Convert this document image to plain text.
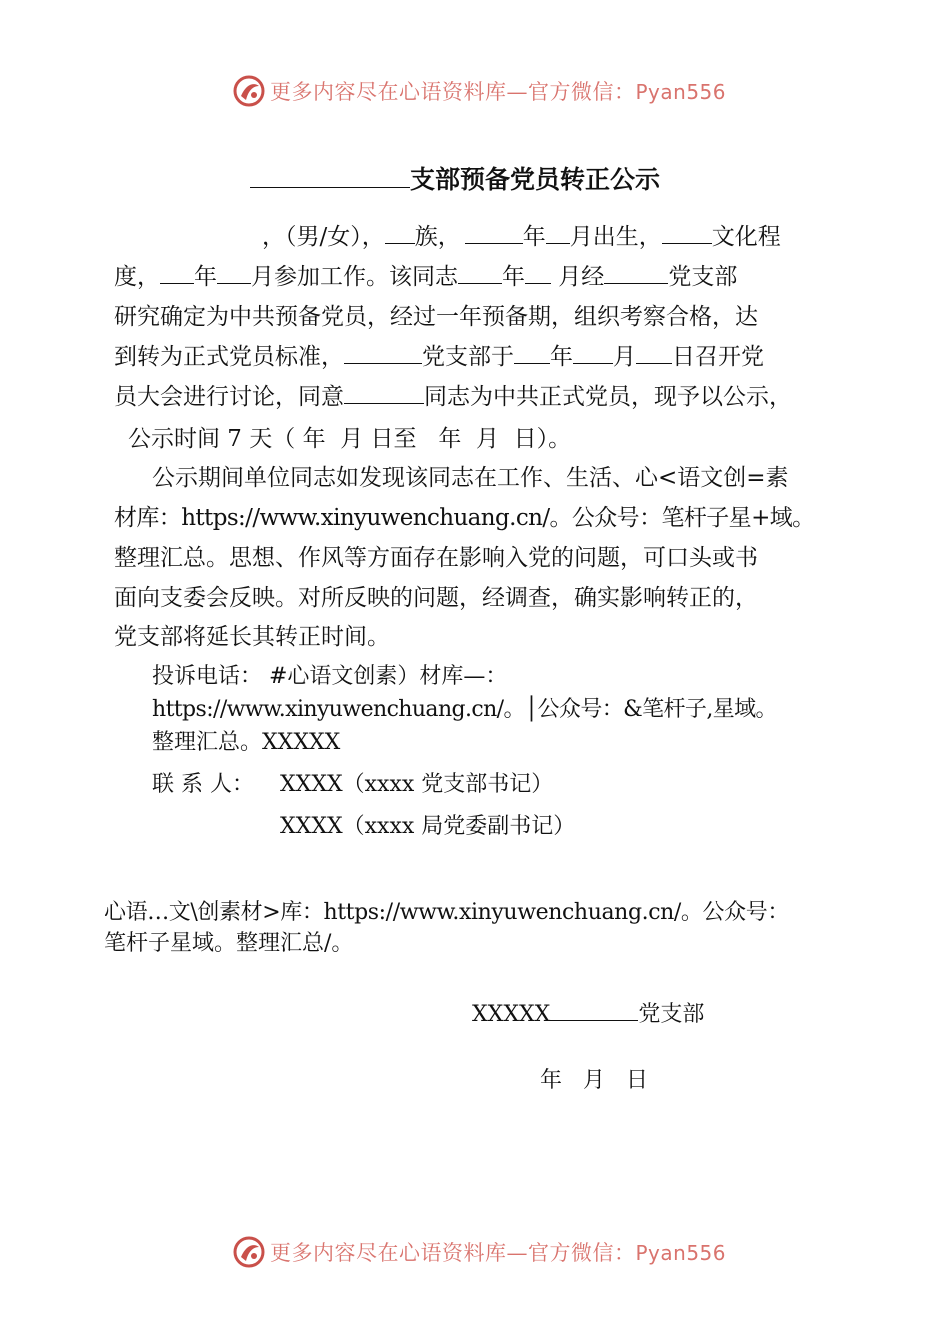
更多内容尽在心语资料库—官方微信：Pyan556
支部预备党员转正公示
，（男/女）， 族，	年 月出生， 文化程
度， 年 月参加工作。该同志 年 月经	党支部
研究确定为中共预备党员，经过一年预备期，组织考察合格，达
到转为正式党员标准，	党支部于 年 月 日召开党
员大会进行讨论，同意	同志为中共正式党员，现予以公示，
公示时间 7 天（ 年  月 日至   年  月  日）。
公示期间单位同志如发现该同志在工作、生活、心<语文创=素
材库：https://www.xinyuwenchuang.cn/。公众号：笔杆子星+域。
整理汇总。思想、作风等方面存在影响入党的问题，可口头或书
面向支委会反映。对所反映的问题，经调查，确实影响转正的，
党支部将延长其转正时间。
投诉电话： #心语文创素）材库—：
https://www.xinyuwenchuang.cn/。│公众号：&笔杆子,星域。
整理汇总。XXXXX
联 系 人： XXXX（xxxx 党支部书记）
XXXX（xxxx 局党委副书记）
心语…文\创素材>库：https://www.xinyuwenchuang.cn/。公众号：
笔杆子星域。整理汇总/。
XXXXX	党支部
年   月   日
更多内容尽在心语资料库—官方微信：Pyan556
